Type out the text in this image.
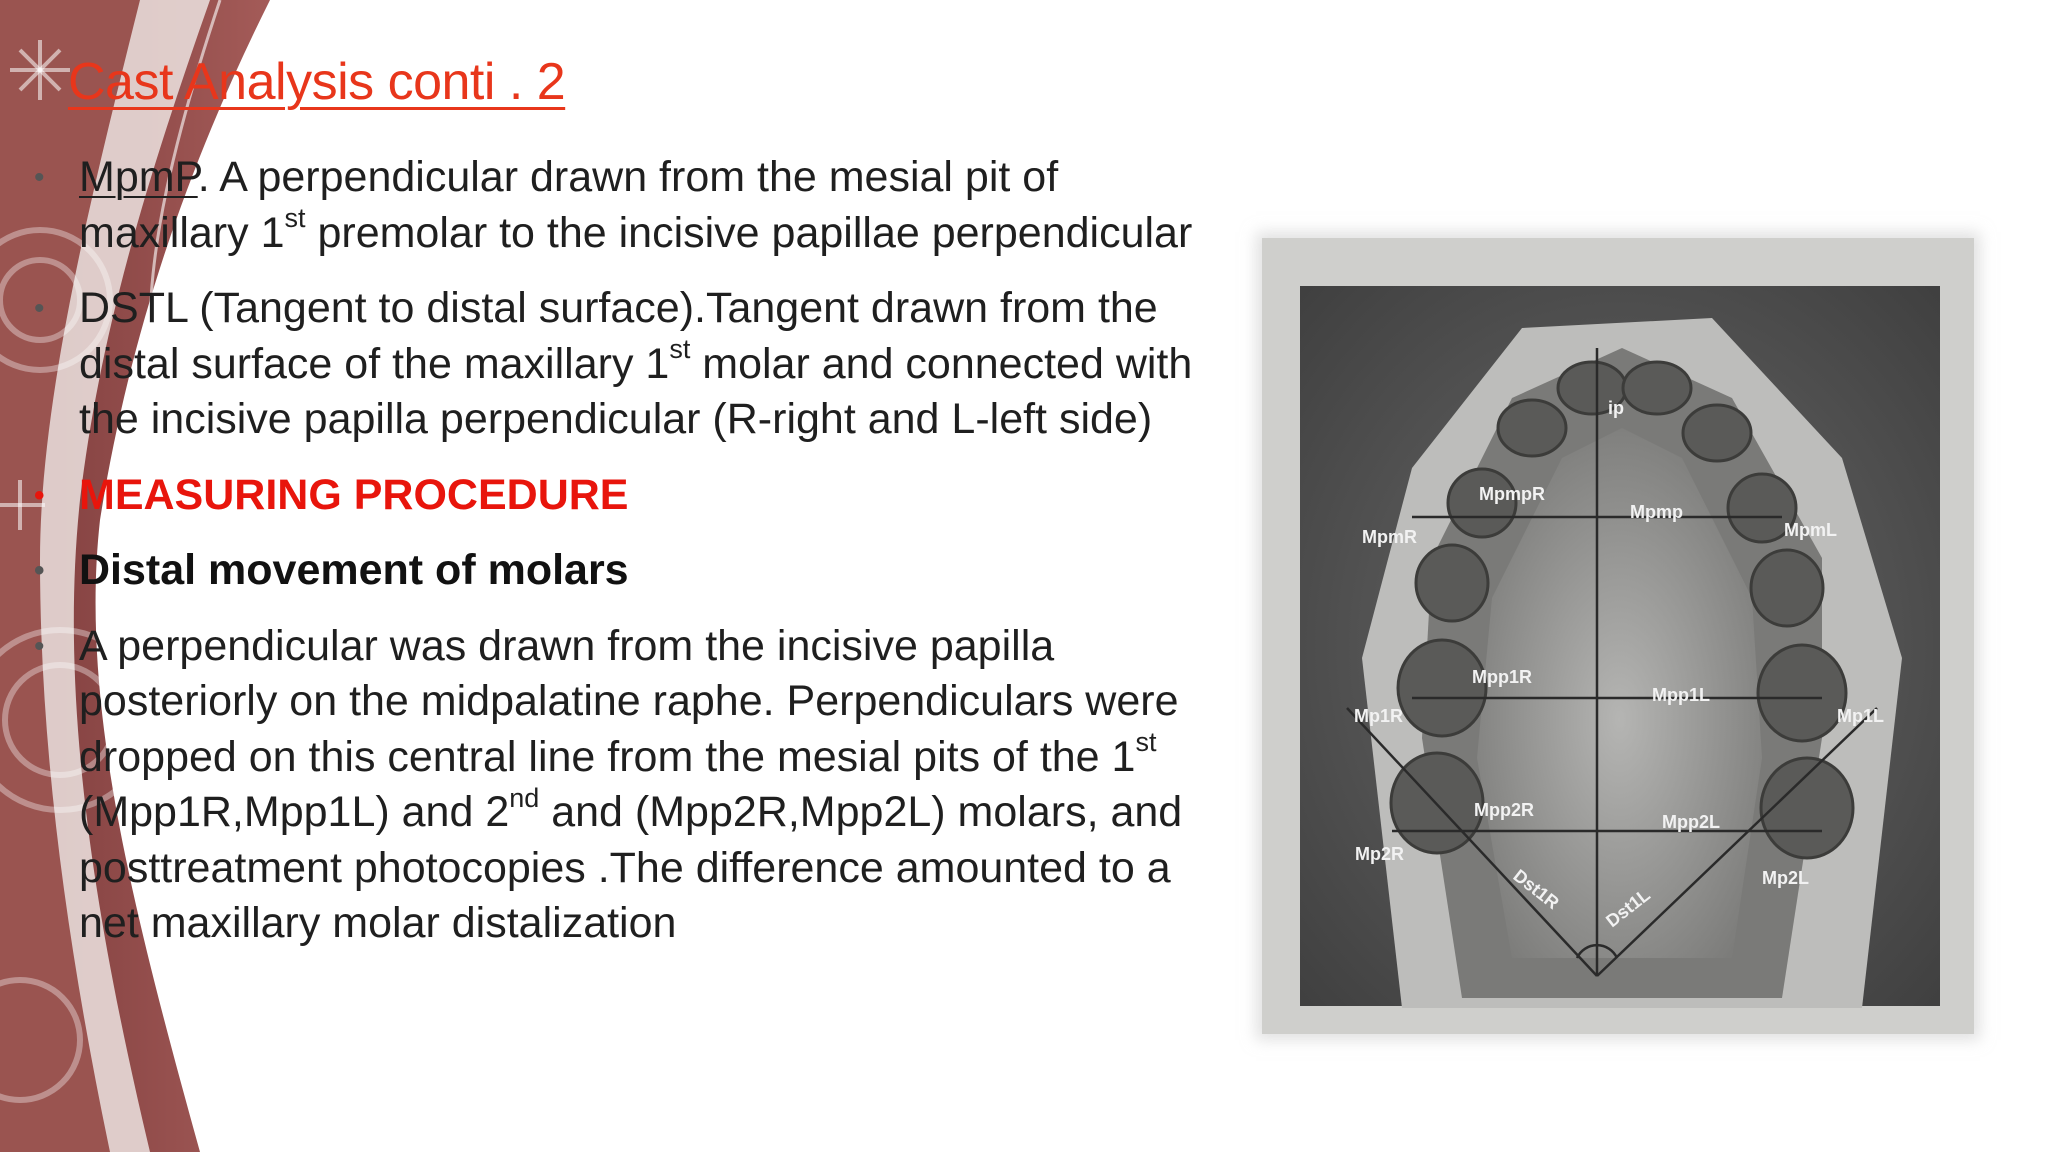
Cast Analysis conti . 2
• MpmP. A perpendicular drawn from the mesial pit of maxillary 1st premolar to the incisive papillae perpendicular
• DSTL (Tangent to distal surface).Tangent drawn from the distal surface of the maxillary 1st molar and connected with the incisive papilla perpendicular (R-right and L-left side)
• MEASURING PROCEDURE
• Distal movement of molars
• A perpendicular was drawn from the incisive papilla posteriorly on the midpalatine raphe. Perpendiculars were dropped on this central line from the mesial pits of the 1st (Mpp1R,Mpp1L) and 2nd and (Mpp2R,Mpp2L) molars, and posttreatment photocopies .The difference amounted to a net maxillary molar distalization
ip
MpmpR
Mpmp
MpmR	MpmL
Mpp1R
Mpp1L
Mp1R	Mp1L
Mpp2R
Mpp2L
Mp2R
Mp2L
Dst1R Dst1L
